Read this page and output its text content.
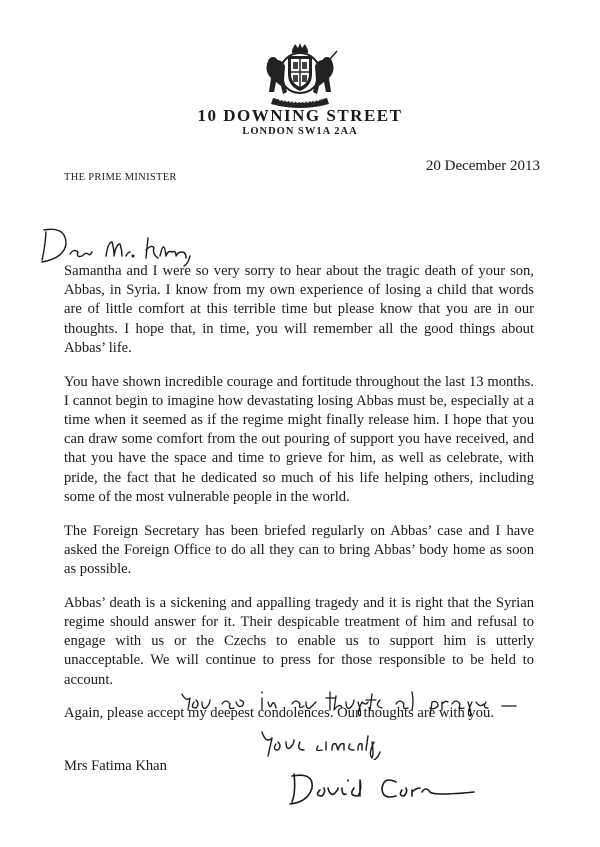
10 DOWNING STREET
LONDON SW1A 2AA
20 December 2013
THE PRIME MINISTER

Samantha and I were so very sorry to hear about the tragic death of your son, Abbas, in Syria. I know from my own experience of losing a child that words are of little comfort at this terrible time but please know that you are in our thoughts. I hope that, in time, you will remember all the good things about Abbas’ life.

You have shown incredible courage and fortitude throughout the last 13 months. I cannot begin to imagine how devastating losing Abbas must be, especially at a time when it seemed as if the regime might finally release him. I hope that you can draw some comfort from the out pouring of support you have received, and that you have the space and time to grieve for him, as well as celebrate, with pride, the fact that he dedicated so much of his life helping others, including some of the most vulnerable people in the world.

The Foreign Secretary has been briefed regularly on Abbas’ case and I have asked the Foreign Office to do all they can to bring Abbas’ body home as soon as possible.

Abbas’ death is a sickening and appalling tragedy and it is right that the Syrian regime should answer for it. Their despicable treatment of him and refusal to engage with us or the Czechs to enable us to support him is utterly unacceptable. We will continue to press for those responsible to be held to account.

Again, please accept my deepest condolences. Our thoughts are with you.

Mrs Fatima Khan
